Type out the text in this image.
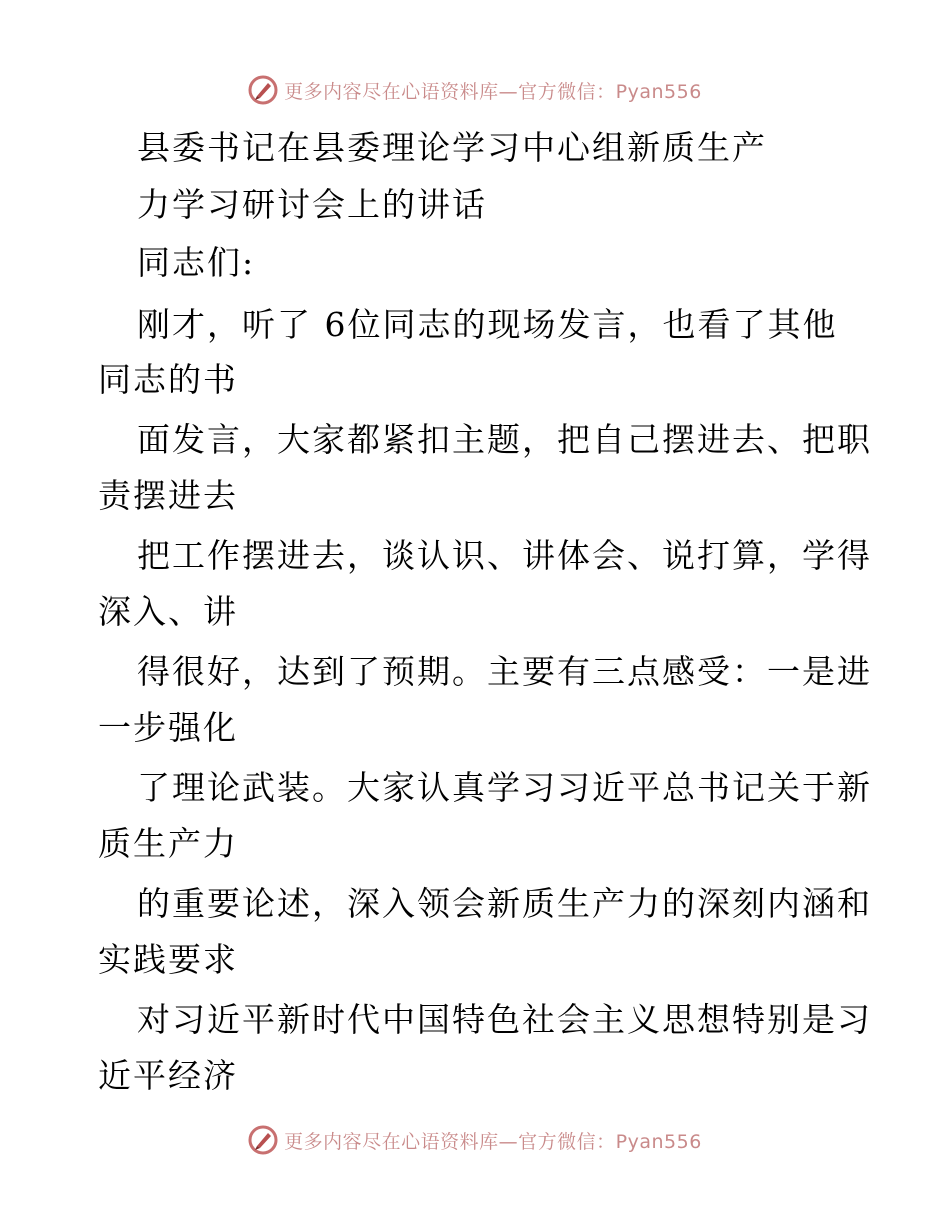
更多内容尽在心语资料库—官方微信：Pyan556
县委书记在县委理论学习中心组新质生产
力学习研讨会上的讲话
同志们:
刚才，听了 6位同志的现场发言，也看了其他
同志的书
面发言，大家都紧扣主题，把自己摆进去、把职
责摆进去
把工作摆进去，谈认识、讲体会、说打算，学得
深入、讲
得很好，达到了预期。主要有三点感受：一是进
一步强化
了理论武装。大家认真学习习近平总书记关于新
质生产力
的重要论述，深入领会新质生产力的深刻内涵和
实践要求
对习近平新时代中国特色社会主义思想特别是习
近平经济
更多内容尽在心语资料库—官方微信：Pyan556
